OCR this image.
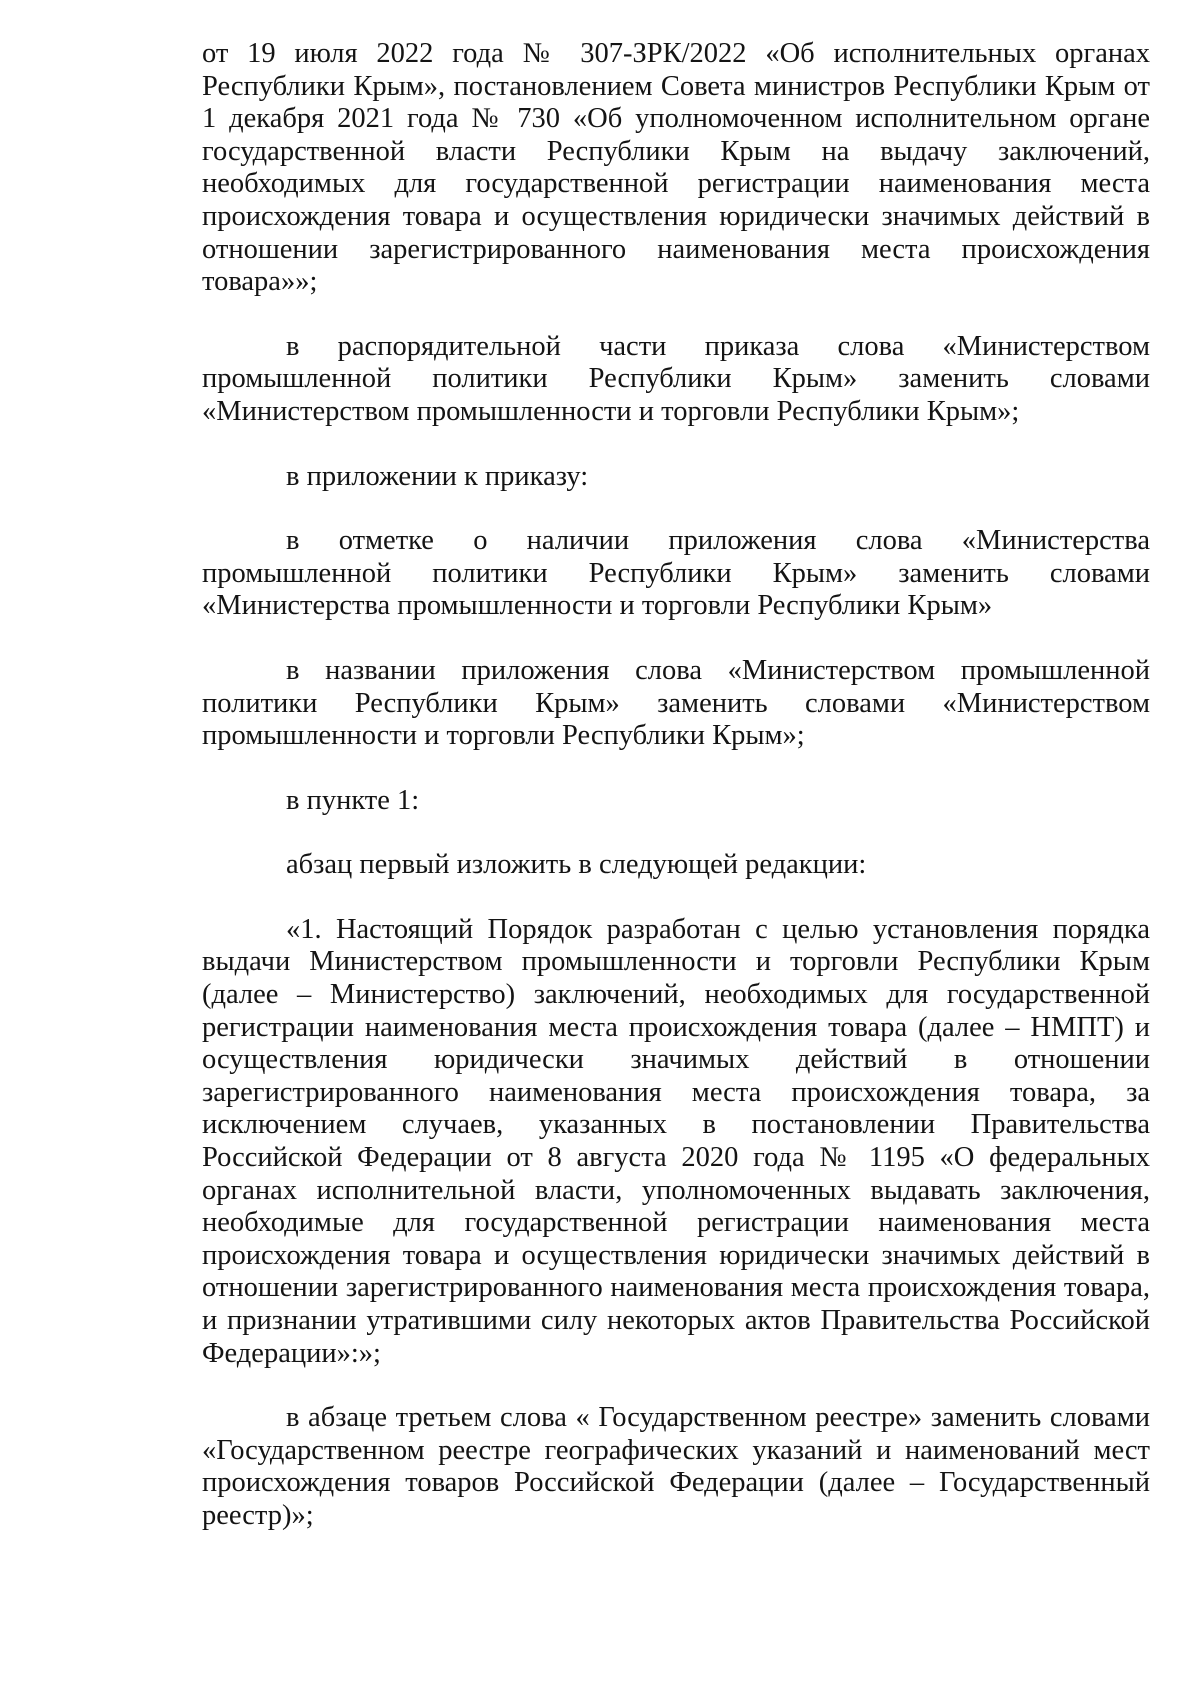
от 19 июля 2022 года № 307-ЗРК/2022 «Об исполнительных органах Республики Крым», постановлением Совета министров Республики Крым от 1 декабря 2021 года № 730 «Об уполномоченном исполнительном органе государственной власти Республики Крым на выдачу заключений, необходимых для государственной регистрации наименования места происхождения товара и осуществления юридически значимых действий в отношении зарегистрированного наименования места происхождения товара»»;

в распорядительной части приказа слова «Министерством промышленной политики Республики Крым» заменить словами «Министерством промышленности и торговли Республики Крым»;

в приложении к приказу:

в отметке о наличии приложения слова «Министерства промышленной политики Республики Крым» заменить словами «Министерства промышленности и торговли Республики Крым»

в названии приложения слова «Министерством промышленной политики Республики Крым» заменить словами «Министерством промышленности и торговли Республики Крым»;

в пункте 1:

абзац первый изложить в следующей редакции:

«1. Настоящий Порядок разработан с целью установления порядка выдачи Министерством промышленности и торговли Республики Крым (далее – Министерство) заключений, необходимых для государственной регистрации наименования места происхождения товара (далее – НМПТ) и осуществления юридически значимых действий в отношении зарегистрированного наименования места происхождения товара, за исключением случаев, указанных в постановлении Правительства Российской Федерации от 8 августа 2020 года № 1195 «О федеральных органах исполнительной власти, уполномоченных выдавать заключения, необходимые для государственной регистрации наименования места происхождения товара и осуществления юридически значимых действий в отношении зарегистрированного наименования места происхождения товара, и признании утратившими силу некоторых актов Правительства Российской Федерации»:»;

в абзаце третьем слова « Государственном реестре» заменить словами «Государственном реестре географических указаний и наименований мест происхождения товаров Российской Федерации (далее – Государственный реестр)»;
